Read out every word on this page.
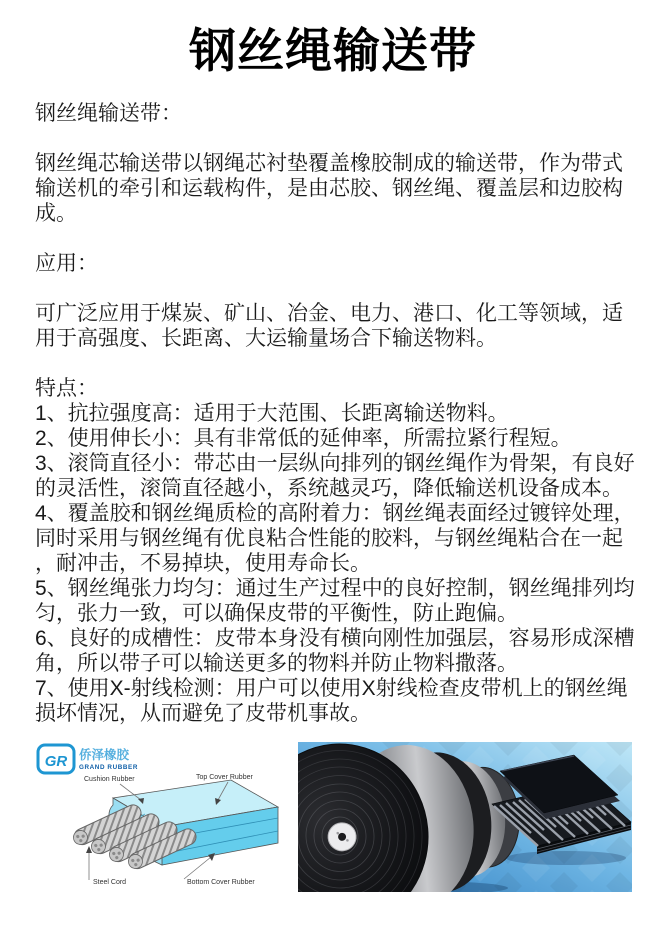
钢丝绳输送带

钢丝绳输送带：

钢丝绳芯输送带以钢绳芯衬垫覆盖橡胶制成的输送带，作为带式输送机的牵引和运载构件，是由芯胶、钢丝绳、覆盖层和边胶构成。

应用：

可广泛应用于煤炭、矿山、冶金、电力、港口、化工等领域，适用于高强度、长距离、大运输量场合下输送物料。

特点：

1、抗拉强度高：适用于大范围、长距离输送物料。

2、使用伸长小：具有非常低的延伸率，所需拉紧行程短。

3、滚筒直径小：带芯由一层纵向排列的钢丝绳作为骨架，有良好的灵活性，滚筒直径越小，系统越灵巧，降低输送机设备成本。

4、覆盖胶和钢丝绳质检的高附着力：钢丝绳表面经过镀锌处理，同时采用与钢丝绳有优良粘合性能的胶料，与钢丝绳粘合在一起，耐冲击，不易掉块，使用寿命长。

5、钢丝绳张力均匀：通过生产过程中的良好控制，钢丝绳排列均匀，张力一致，可以确保皮带的平衡性，防止跑偏。

6、良好的成槽性：皮带本身没有横向刚性加强层，容易形成深槽角，所以带子可以输送更多的物料并防止物料撒落。

7、使用X-射线检测：用户可以使用X射线检查皮带机上的钢丝绳损坏情况，从而避免了皮带机事故。

GR 侨泽橡胶
GRAND RUBBER
Cushion Rubber	Top Cover Rubber
Steel Cord	Bottom Cover Rubber
